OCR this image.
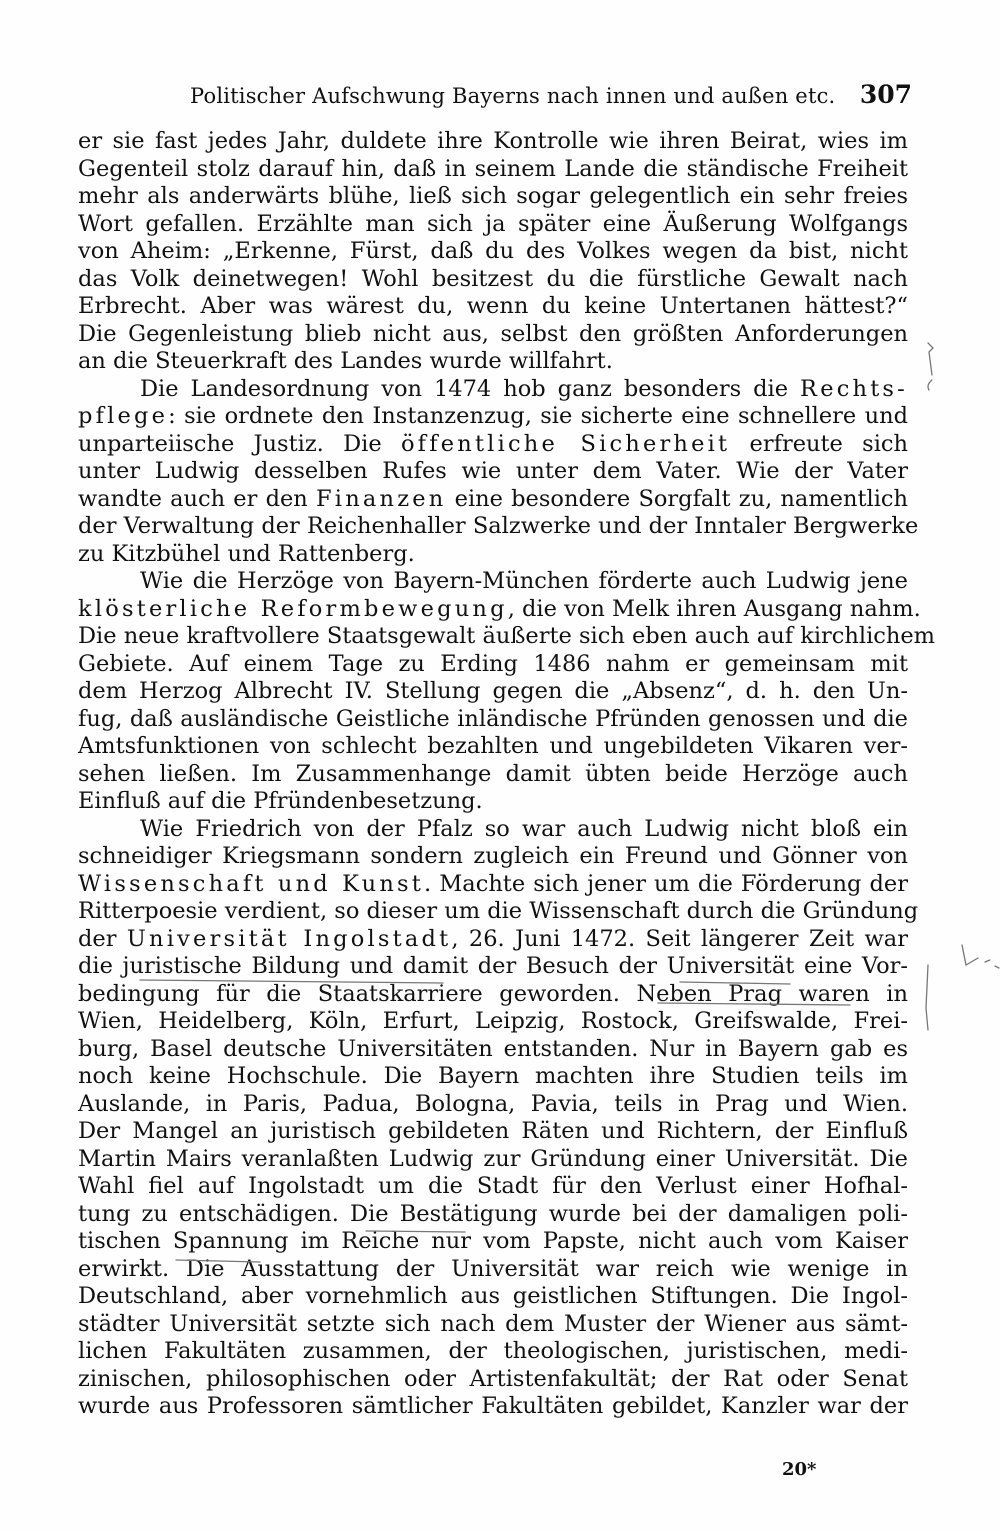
Politischer Aufschwung Bayerns nach innen und außen etc. 307
er sie fast jedes Jahr, duldete ihre Kontrolle wie ihren Beirat, wies im
Gegenteil stolz darauf hin, daß in seinem Lande die ständische Freiheit
mehr als anderwärts blühe, ließ sich sogar gelegentlich ein sehr freies
Wort gefallen. Erzählte man sich ja später eine Äußerung Wolfgangs
von Aheim: „Erkenne, Fürst, daß du des Volkes wegen da bist, nicht
das Volk deinetwegen! Wohl besitzest du die fürstliche Gewalt nach
Erbrecht. Aber was wärest du, wenn du keine Untertanen hättest?“
Die Gegenleistung blieb nicht aus, selbst den größten Anforderungen
an die Steuerkraft des Landes wurde willfahrt.
Die Landesordnung von 1474 hob ganz besonders die Rechts-
pflege: sie ordnete den Instanzenzug, sie sicherte eine schnellere und
unparteiische Justiz. Die öffentliche Sicherheit erfreute sich
unter Ludwig desselben Rufes wie unter dem Vater. Wie der Vater
wandte auch er den Finanzen eine besondere Sorgfalt zu, namentlich
der Verwaltung der Reichenhaller Salzwerke und der Inntaler Bergwerke
zu Kitzbühel und Rattenberg.
Wie die Herzöge von Bayern-München förderte auch Ludwig jene
klösterliche Reformbewegung, die von Melk ihren Ausgang nahm.
Die neue kraftvollere Staatsgewalt äußerte sich eben auch auf kirchlichem
Gebiete. Auf einem Tage zu Erding 1486 nahm er gemeinsam mit
dem Herzog Albrecht IV. Stellung gegen die „Absenz“, d. h. den Un-
fug, daß ausländische Geistliche inländische Pfründen genossen und die
Amtsfunktionen von schlecht bezahlten und ungebildeten Vikaren ver-
sehen ließen. Im Zusammenhange damit übten beide Herzöge auch
Einfluß auf die Pfründenbesetzung.
Wie Friedrich von der Pfalz so war auch Ludwig nicht bloß ein
schneidiger Kriegsmann sondern zugleich ein Freund und Gönner von
Wissenschaft und Kunst. Machte sich jener um die Förderung der
Ritterpoesie verdient, so dieser um die Wissenschaft durch die Gründung
der Universität Ingolstadt, 26. Juni 1472. Seit längerer Zeit war
die juristische Bildung und damit der Besuch der Universität eine Vor-
bedingung für die Staatskarriere geworden. Neben Prag waren in
Wien, Heidelberg, Köln, Erfurt, Leipzig, Rostock, Greifswalde, Frei-
burg, Basel deutsche Universitäten entstanden. Nur in Bayern gab es
noch keine Hochschule. Die Bayern machten ihre Studien teils im
Auslande, in Paris, Padua, Bologna, Pavia, teils in Prag und Wien.
Der Mangel an juristisch gebildeten Räten und Richtern, der Einfluß
Martin Mairs veranlaßten Ludwig zur Gründung einer Universität. Die
Wahl fiel auf Ingolstadt um die Stadt für den Verlust einer Hofhal-
tung zu entschädigen. Die Bestätigung wurde bei der damaligen poli-
tischen Spannung im Reiche nur vom Papste, nicht auch vom Kaiser
erwirkt. Die Ausstattung der Universität war reich wie wenige in
Deutschland, aber vornehmlich aus geistlichen Stiftungen. Die Ingol-
städter Universität setzte sich nach dem Muster der Wiener aus sämt-
lichen Fakultäten zusammen, der theologischen, juristischen, medi-
zinischen, philosophischen oder Artistenfakultät; der Rat oder Senat
wurde aus Professoren sämtlicher Fakultäten gebildet, Kanzler war der
20*
